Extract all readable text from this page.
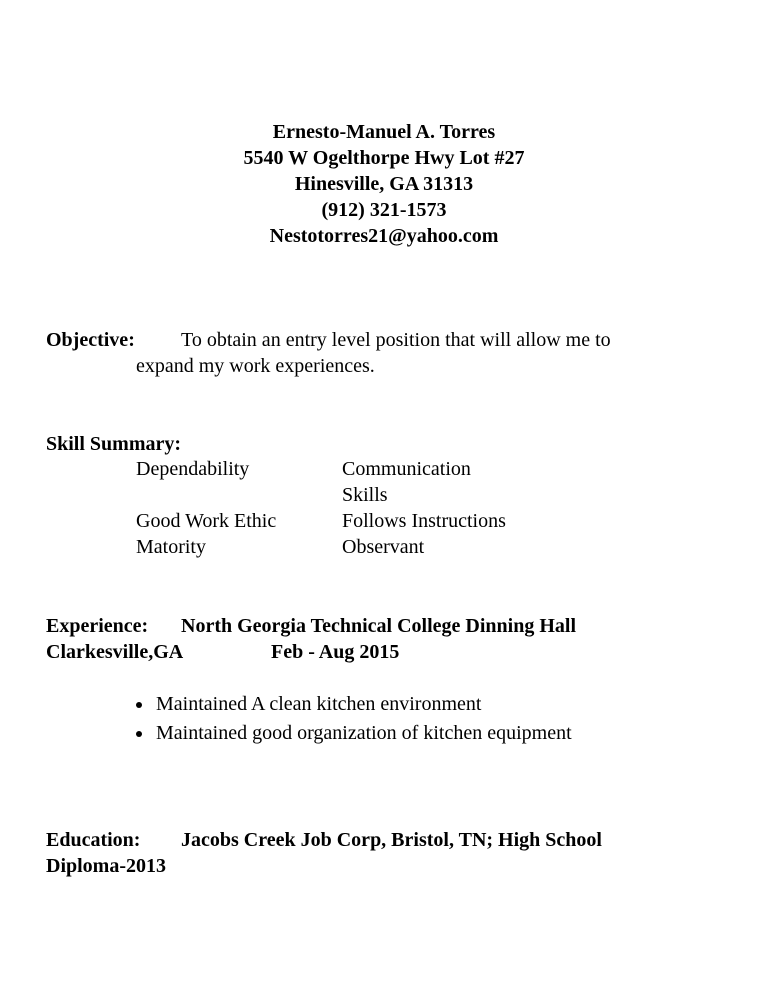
Ernesto-Manuel A. Torres
5540 W Ogelthorpe Hwy Lot #27
Hinesville, GA 31313
(912) 321-1573
Nestotorres21@yahoo.com
Objective: To obtain an entry level position that will allow me to
expand my work experiences.
Skill Summary:
Dependability	Communication
Skills
Good Work Ethic	Follows Instructions
Matority	Observant
Experience: North Georgia Technical College Dinning Hall
Clarkesville,GA	Feb - Aug 2015
Maintained A clean kitchen environment
Maintained good organization of kitchen equipment
Education: Jacobs Creek Job Corp, Bristol, TN; High School
Diploma-2013
